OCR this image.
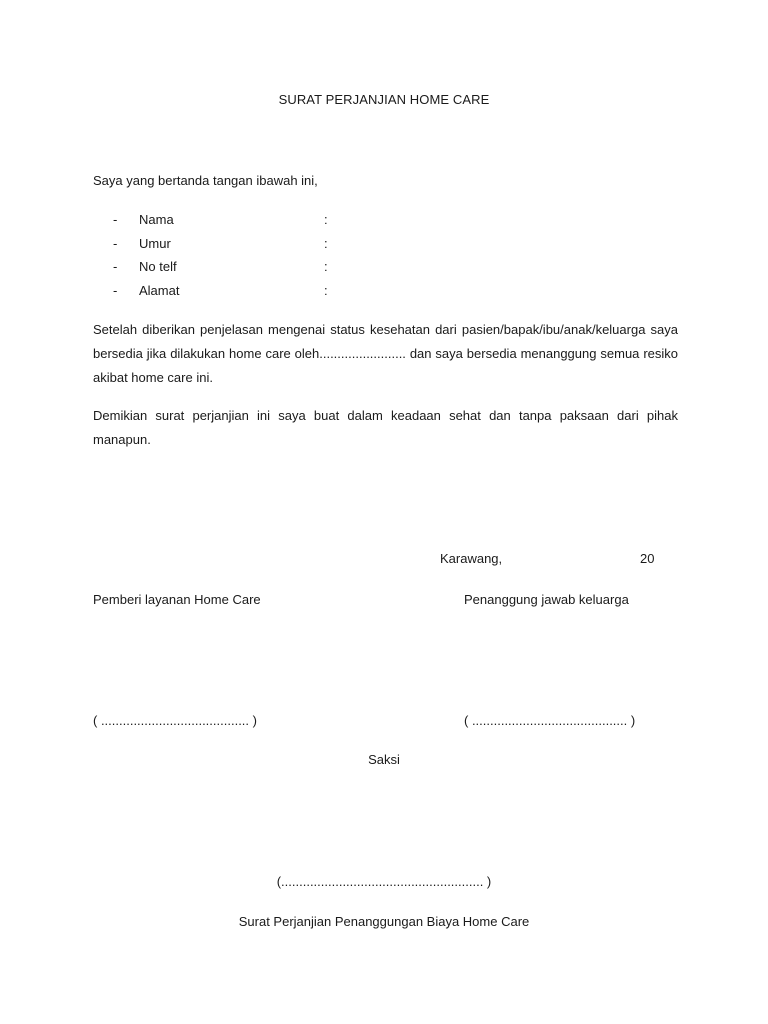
SURAT PERJANJIAN HOME CARE
Saya yang bertanda tangan ibawah ini,
- Nama	:
- Umur	:
- No telf	:
- Alamat	:

Setelah diberikan penjelasan mengenai status kesehatan dari pasien/bapak/ibu/anak/keluarga saya bersedia jika dilakukan home care oleh........................ dan saya bersedia menanggung semua resiko akibat home care ini.

Demikian surat perjanjian ini saya buat dalam keadaan sehat dan tanpa paksaan dari pihak manapun.

Karawang,	20
Pemberi layanan Home Care	Penanggung jawab keluarga
( ......................................... )	( ........................................... )
Saksi
(........................................................ )
Surat Perjanjian Penanggungan Biaya Home Care
